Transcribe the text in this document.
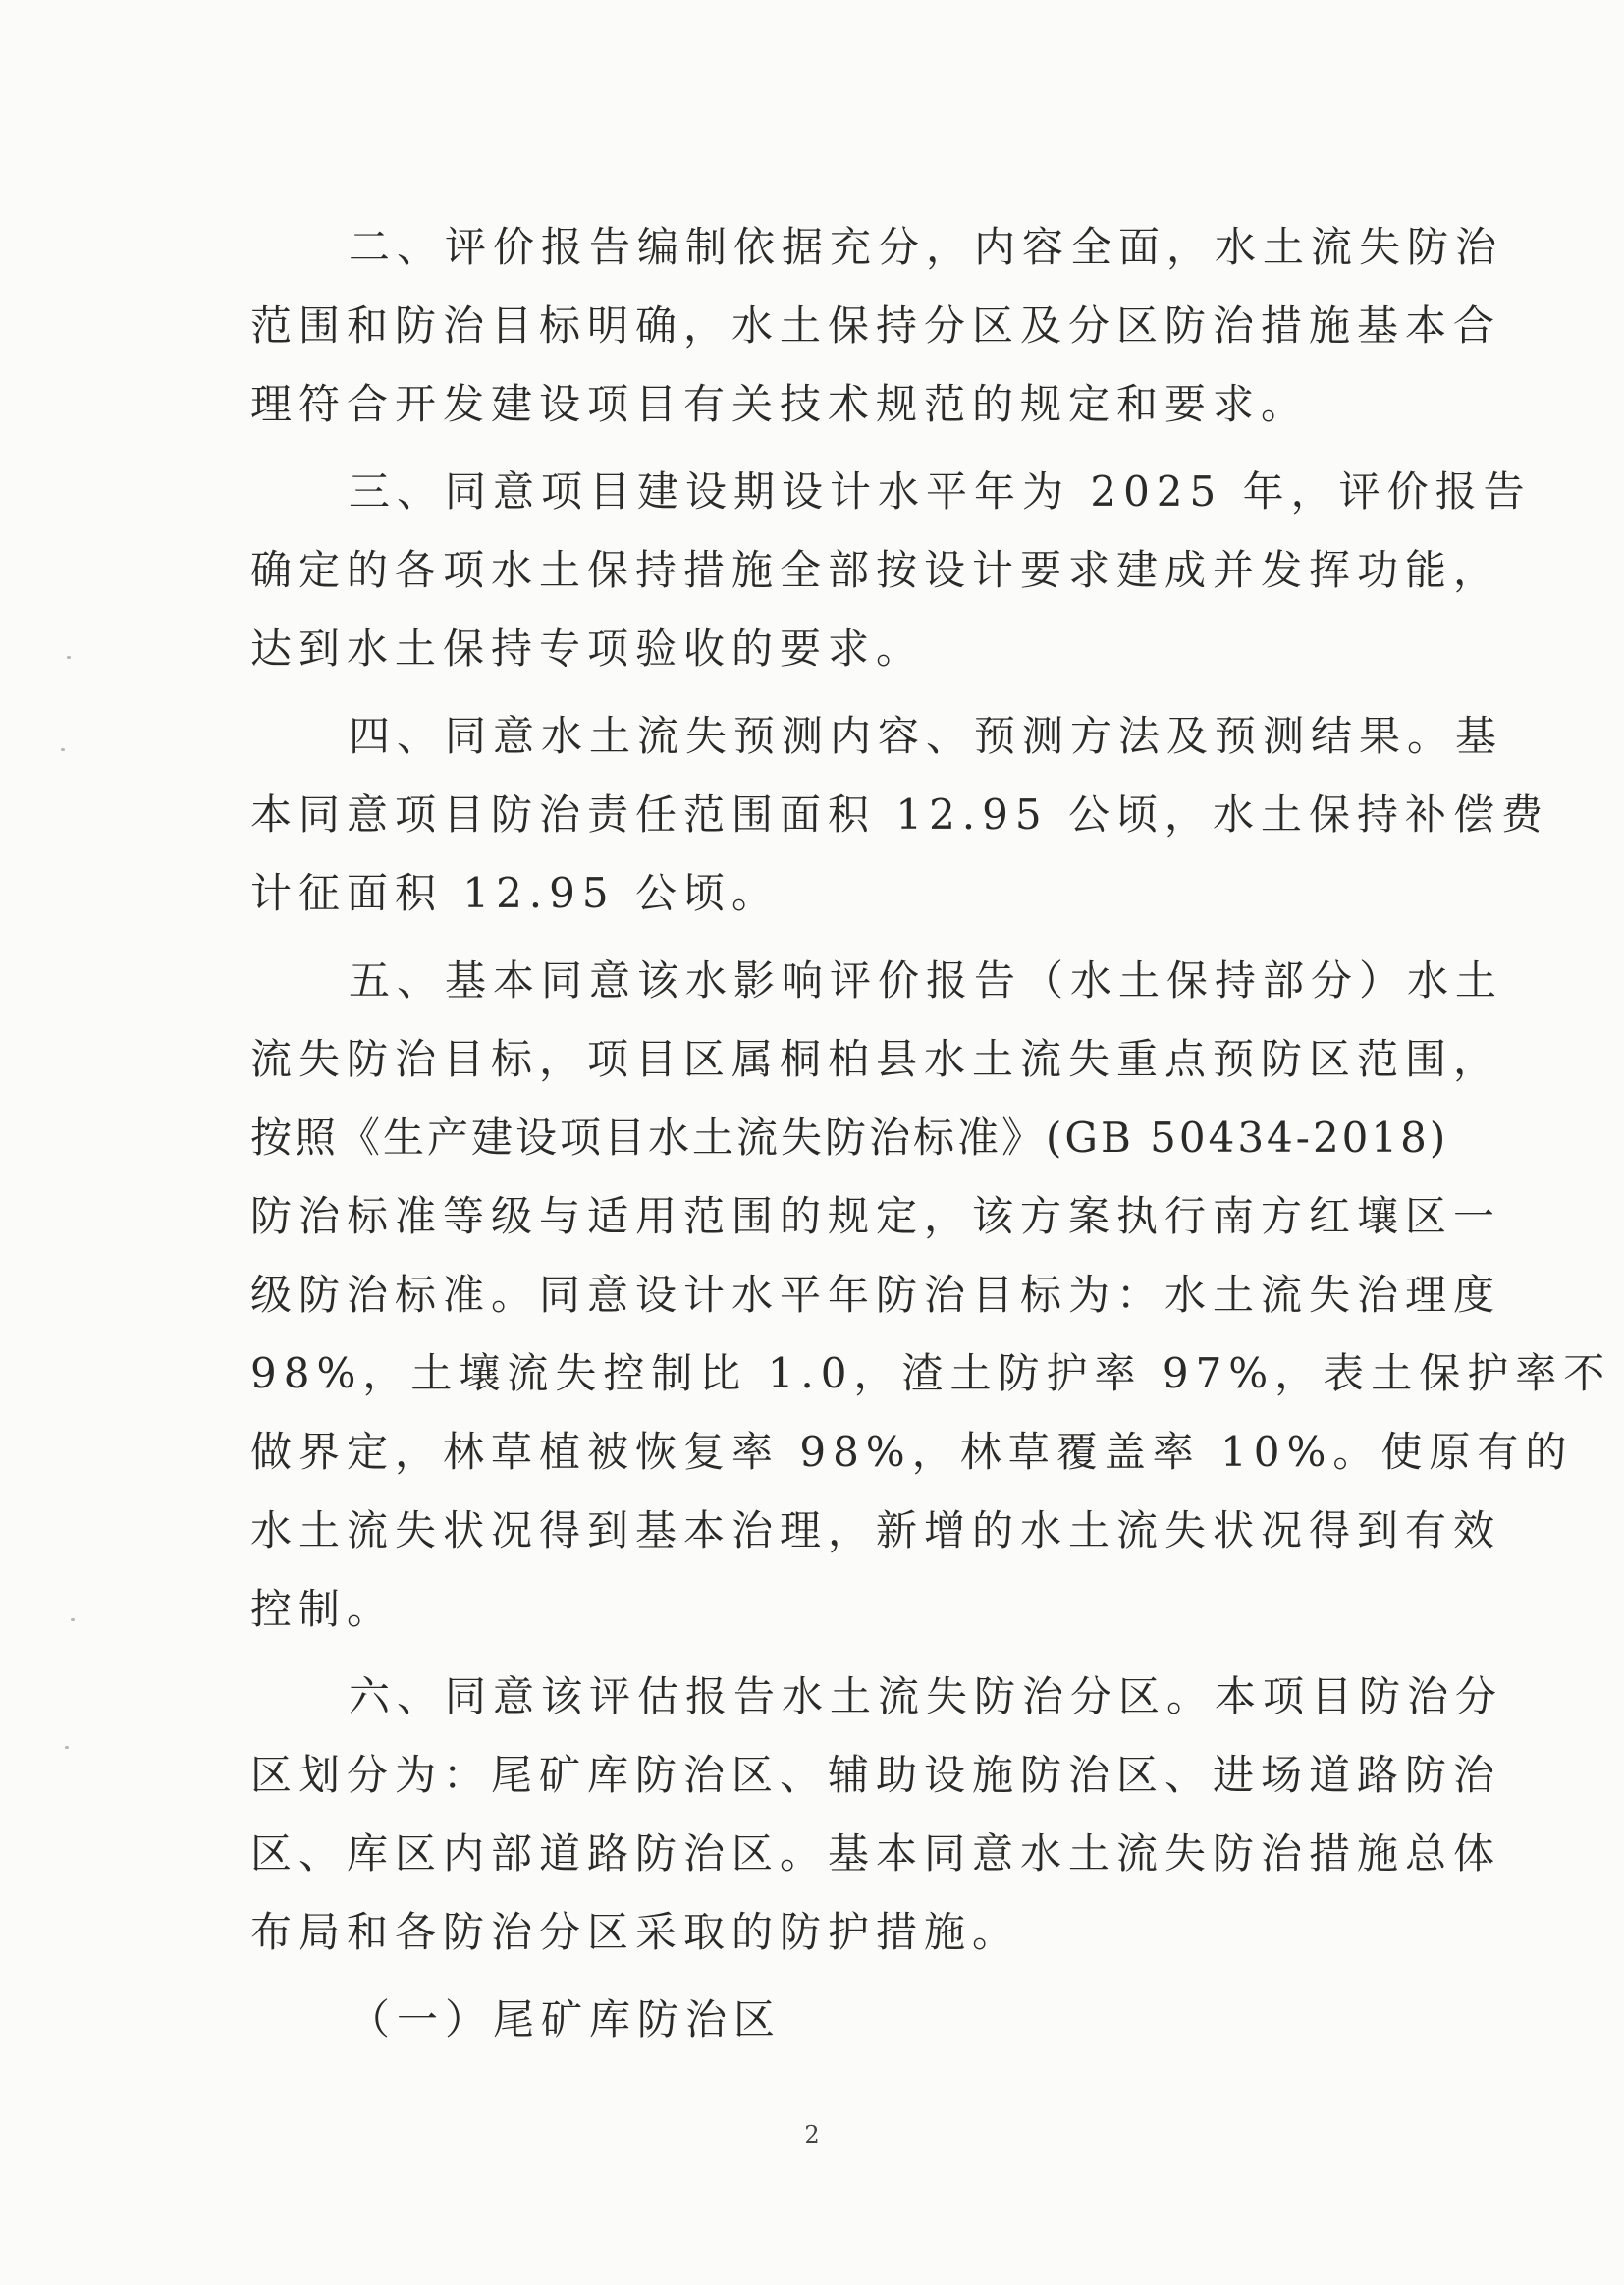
二、评价报告编制依据充分，内容全面，水土流失防治
范围和防治目标明确，水土保持分区及分区防治措施基本合
理符合开发建设项目有关技术规范的规定和要求。

三、同意项目建设期设计水平年为 2025 年，评价报告
确定的各项水土保持措施全部按设计要求建成并发挥功能，
达到水土保持专项验收的要求。

四、同意水土流失预测内容、预测方法及预测结果。基
本同意项目防治责任范围面积 12.95 公顷，水土保持补偿费
计征面积 12.95 公顷。

五、基本同意该水影响评价报告（水土保持部分）水土
流失防治目标，项目区属桐柏县水土流失重点预防区范围，
按照《生产建设项目水土流失防治标准》(GB 50434-2018)
防治标准等级与适用范围的规定，该方案执行南方红壤区一
级防治标准。同意设计水平年防治目标为：水土流失治理度
98%，土壤流失控制比 1.0，渣土防护率 97%，表土保护率不
做界定，林草植被恢复率 98%，林草覆盖率 10%。使原有的
水土流失状况得到基本治理，新增的水土流失状况得到有效
控制。

六、同意该评估报告水土流失防治分区。本项目防治分
区划分为：尾矿库防治区、辅助设施防治区、进场道路防治
区、库区内部道路防治区。基本同意水土流失防治措施总体
布局和各防治分区采取的防护措施。

（一）尾矿库防治区

2
